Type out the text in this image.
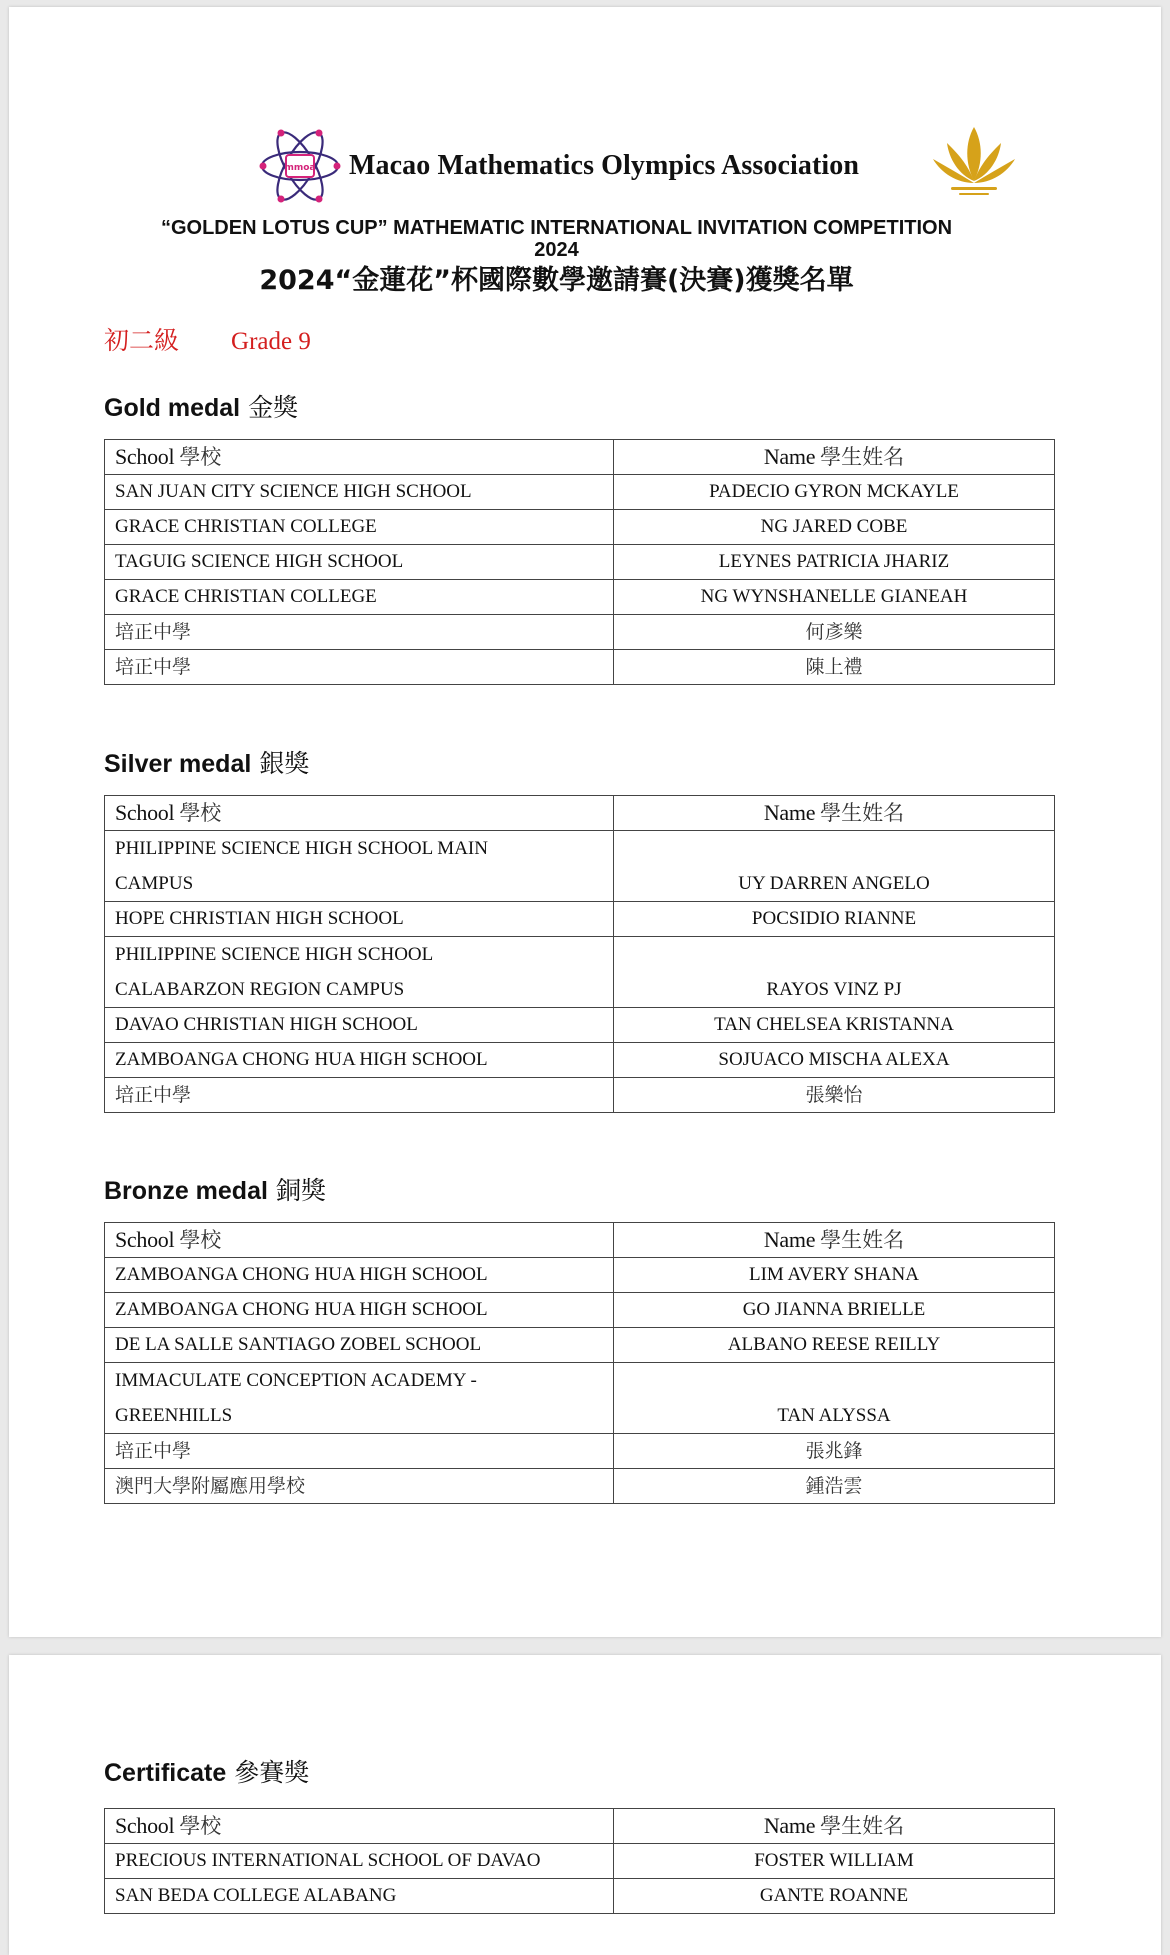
mmoa Macao Mathematics Olympics Association
“GOLDEN LOTUS CUP” MATHEMATIC INTERNATIONAL INVITATION COMPETITION
2024
2024“金蓮花”杯國際數學邀請賽(決賽)獲獎名單
初二級 Grade 9
Gold medal 金獎
School 學校	Name 學生姓名
SAN JUAN CITY SCIENCE HIGH SCHOOL	PADECIO GYRON MCKAYLE
GRACE CHRISTIAN COLLEGE	NG JARED COBE
TAGUIG SCIENCE HIGH SCHOOL	LEYNES PATRICIA JHARIZ
GRACE CHRISTIAN COLLEGE	NG WYNSHANELLE GIANEAH
培正中學	何彥樂
培正中學	陳上禮
Silver medal 銀獎
School 學校	Name 學生姓名

PHILIPPINE SCIENCE HIGH SCHOOL MAIN
CAMPUS	UY DARREN ANGELO
HOPE CHRISTIAN HIGH SCHOOL	POCSIDIO RIANNE

PHILIPPINE SCIENCE HIGH SCHOOL
CALABARZON REGION CAMPUS	RAYOS VINZ PJ
DAVAO CHRISTIAN HIGH SCHOOL	TAN CHELSEA KRISTANNA
ZAMBOANGA CHONG HUA HIGH SCHOOL	SOJUACO MISCHA ALEXA
培正中學	張樂怡
Bronze medal 銅獎
School 學校	Name 學生姓名
ZAMBOANGA CHONG HUA HIGH SCHOOL	LIM AVERY SHANA
ZAMBOANGA CHONG HUA HIGH SCHOOL	GO JIANNA BRIELLE
DE LA SALLE SANTIAGO ZOBEL SCHOOL	ALBANO REESE REILLY

IMMACULATE CONCEPTION ACADEMY -
GREENHILLS	TAN ALYSSA
培正中學	張兆鋒
澳門大學附屬應用學校	鍾浩雲
Certificate 參賽獎
School 學校	Name 學生姓名
PRECIOUS INTERNATIONAL SCHOOL OF DAVAO	FOSTER WILLIAM
SAN BEDA COLLEGE ALABANG	GANTE ROANNE
